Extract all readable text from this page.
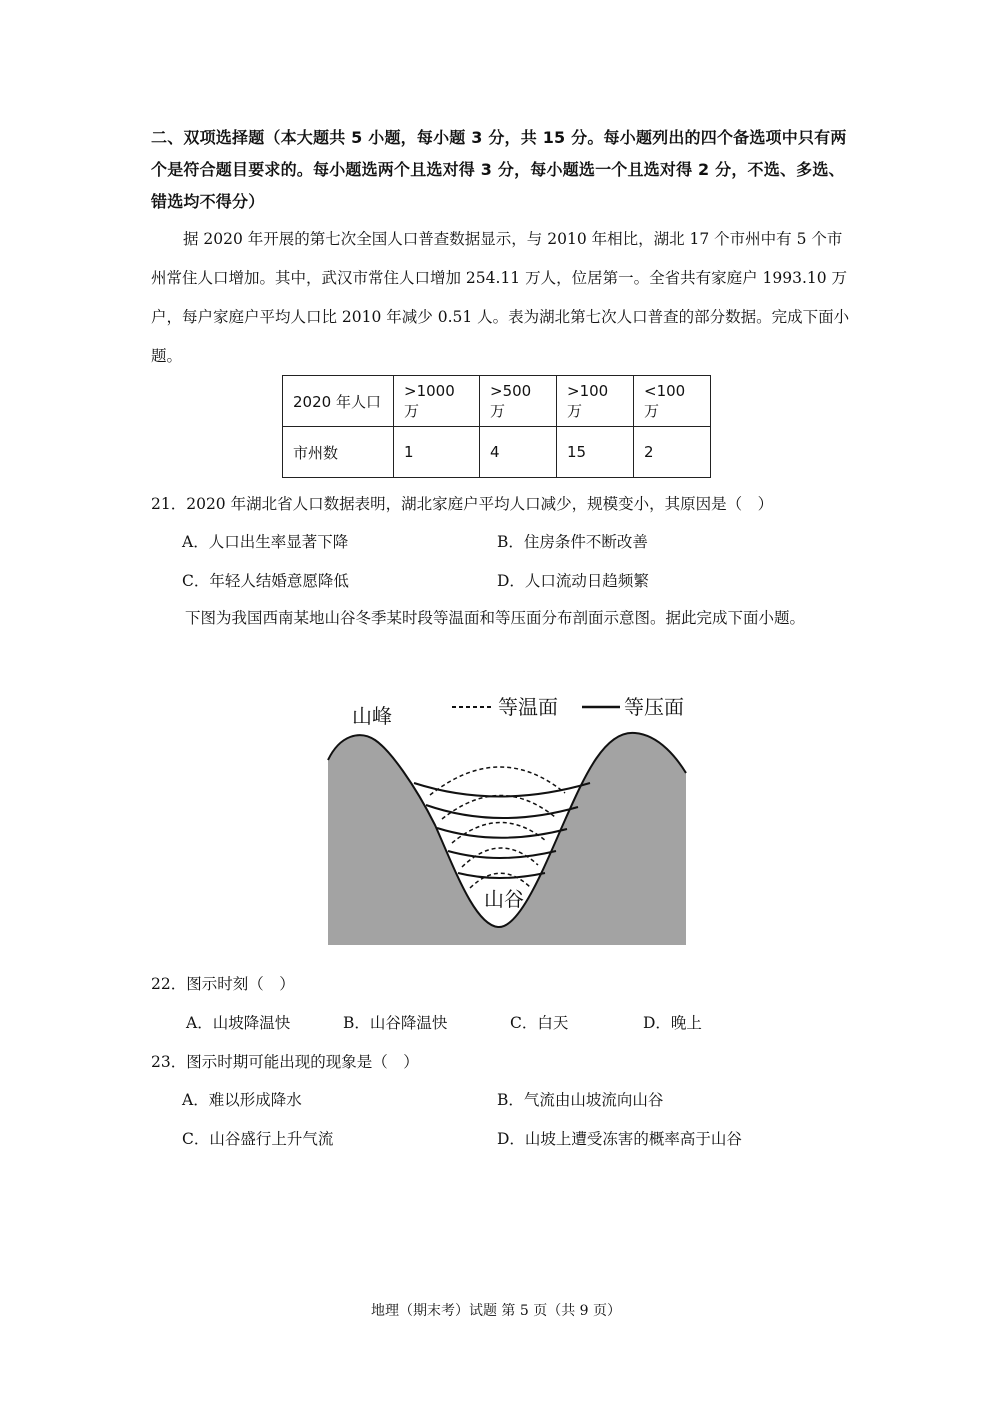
二、双项选择题（本大题共 5 小题，每小题 3 分，共 15 分。每小题列出的四个备选项中只有两个是符合题目要求的。每小题选两个且选对得 3 分，每小题选一个且选对得 2 分，不选、多选、错选均不得分）
据 2020 年开展的第七次全国人口普查数据显示，与 2010 年相比，湖北 17 个市州中有 5 个市州常住人口增加。其中，武汉市常住人口增加 254.11 万人，位居第一。全省共有家庭户 1993.10 万户，每户家庭户平均人口比 2010 年减少 0.51 人。表为湖北第七次人口普查的部分数据。完成下面小题。
2020 年人口	>1000 万	>500 万	>100 万	<100 万
市州数	1	4	15	2
21．2020 年湖北省人口数据表明，湖北家庭户平均人口减少，规模变小，其原因是（　）
A．人口出生率显著下降	B．住房条件不断改善
C．年轻人结婚意愿降低	D．人口流动日趋频繁
下图为我国西南某地山谷冬季某时段等温面和等压面分布剖面示意图。据此完成下面小题。
山峰	等温面	等压面
山谷
22．图示时刻（　）
A．山坡降温快	B．山谷降温快	C．白天	D．晚上
23．图示时期可能出现的现象是（　）
A．难以形成降水	B．气流由山坡流向山谷
C．山谷盛行上升气流	D．山坡上遭受冻害的概率高于山谷
地理（期末考）试题 第 5 页（共 9 页）
